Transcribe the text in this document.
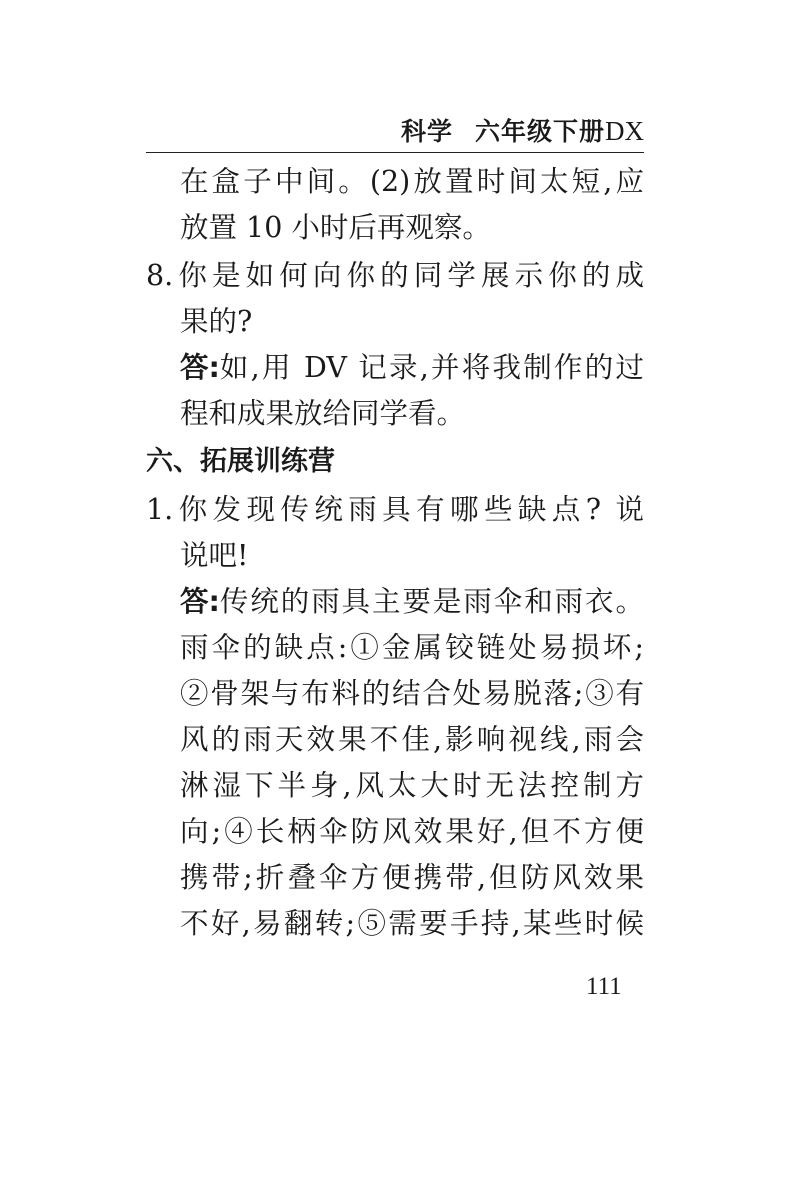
科学 六年级下册DX
在盒子中间。(2)放置时间太短,应
放置 10 小时后再观察。
8.你是如何向你的同学展示你的成
果的?
答: 如,用 DV 记录,并将我制作的过
程和成果放给同学看。
六、拓展训练营
1.你发现传统雨具有哪些缺点? 说
说吧!
答: 传统的雨具主要是雨伞和雨衣。
雨伞的缺点:①金属铰链处易损坏;
②骨架与布料的结合处易脱落;③有
风的雨天效果不佳,影响视线,雨会
淋湿下半身,风太大时无法控制方
向;④长柄伞防风效果好,但不方便
携带;折叠伞方便携带,但防风效果
不好,易翻转;⑤需要手持,某些时候
111
